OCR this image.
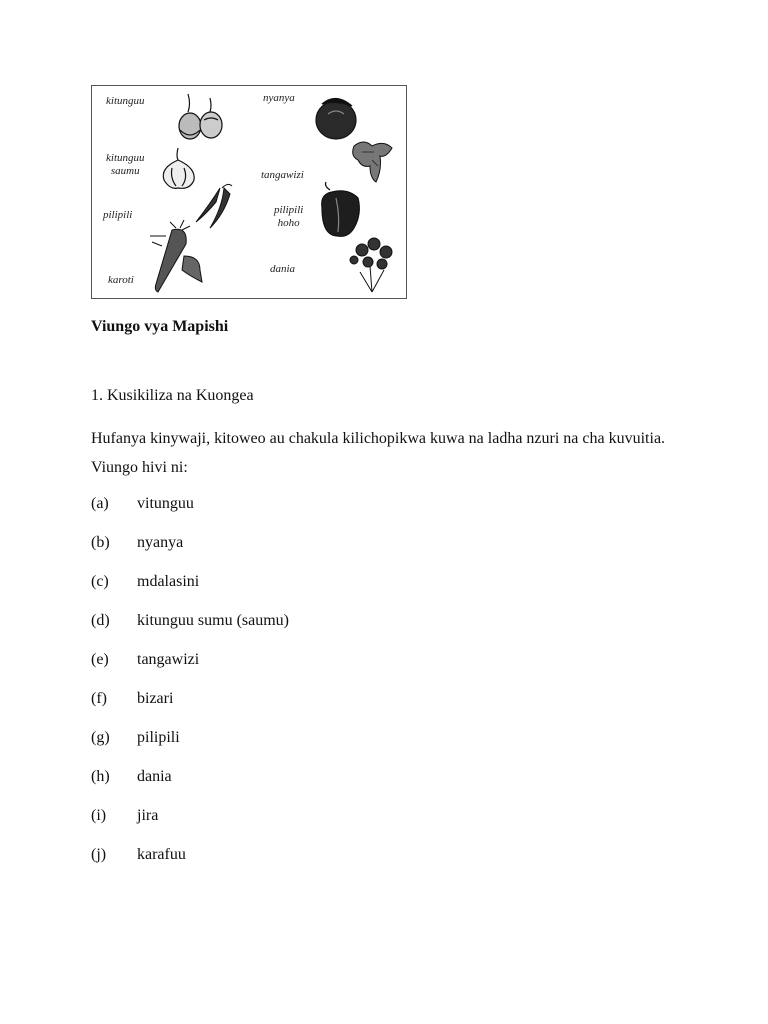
kitunguu
kitunguu
saumu
pilipili
karoti
nyanya
tangawizi
pilipili
hoho
dania
Viungo vya Mapishi
1. Kusikiliza na Kuongea

Hufanya kinywaji, kitoweo au chakula kilichopikwa kuwa na ladha nzuri na cha kuvuitia. Viungo hivi ni:

(a) vitunguu
(b) nyanya
(c) mdalasini
(d) kitunguu sumu (saumu)
(e) tangawizi
(f) bizari
(g) pilipili
(h) dania
(i) jira
(j) karafuu
